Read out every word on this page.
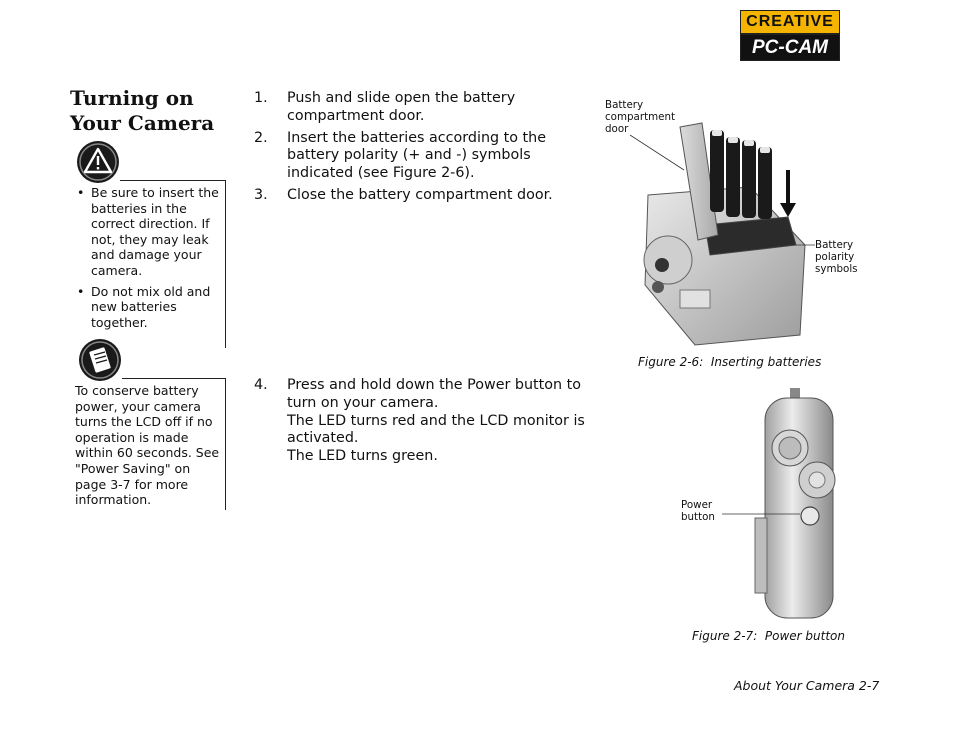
CREATIVE
PC-CAM
Turning on
Your Camera
• Be sure to insert the batteries in the correct direction. If not, they may leak and damage your camera.
• Do not mix old and new batteries together.
To conserve battery power, your camera turns the LCD off if no operation is made within 60 seconds. See "Power Saving" on page 3-7 for more information.
1. Push and slide open the battery compartment door.
2. Insert the batteries according to the battery polarity (+ and -) symbols indicated (see Figure 2-6).
3. Close the battery compartment door.
4. Press and hold down the Power button to turn on your camera.
The LED turns red and the LCD monitor is activated.
The LED turns green.
Battery
compartment
door
Battery
polarity
symbols
Figure 2-6:  Inserting batteries
Power
button
Figure 2-7:  Power button
About Your Camera 2-7
